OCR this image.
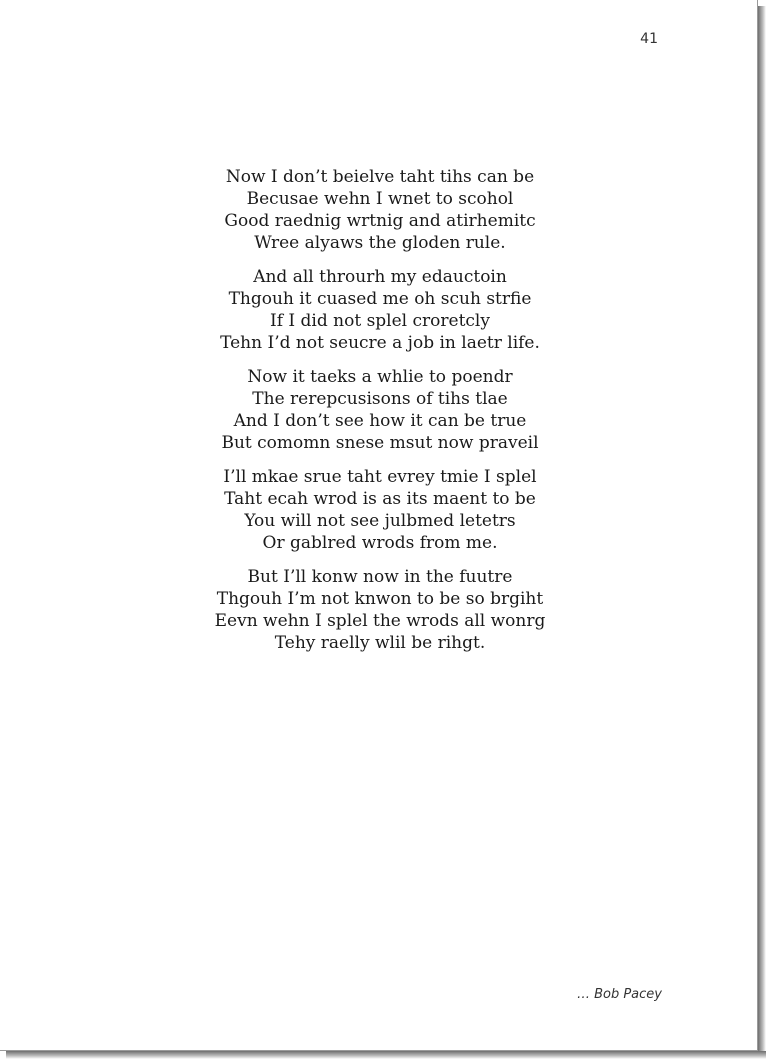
41
Now I don’t beielve taht tihs can be
Becusae wehn I wnet to scohol
Good raednig wrtnig and atirhemitc
Wree alyaws the gloden rule.
And all throurh my edauctoin
Thgouh it cuased me oh scuh strfie
If I did not splel croretcly
Tehn I’d not seucre a job in laetr life.
Now it taeks a whlie to poendr
The rerepcusisons of tihs tlae
And I don’t see how it can be true
But comomn snese msut now praveil
I’ll mkae srue taht evrey tmie I splel
Taht ecah wrod is as its maent to be
You will not see julbmed letetrs
Or gablred wrods from me.
But I’ll konw now in the fuutre
Thgouh I’m not knwon to be so brgiht
Eevn wehn I splel the wrods all wonrg
Tehy raelly wlil be rihgt.
… Bob Pacey
